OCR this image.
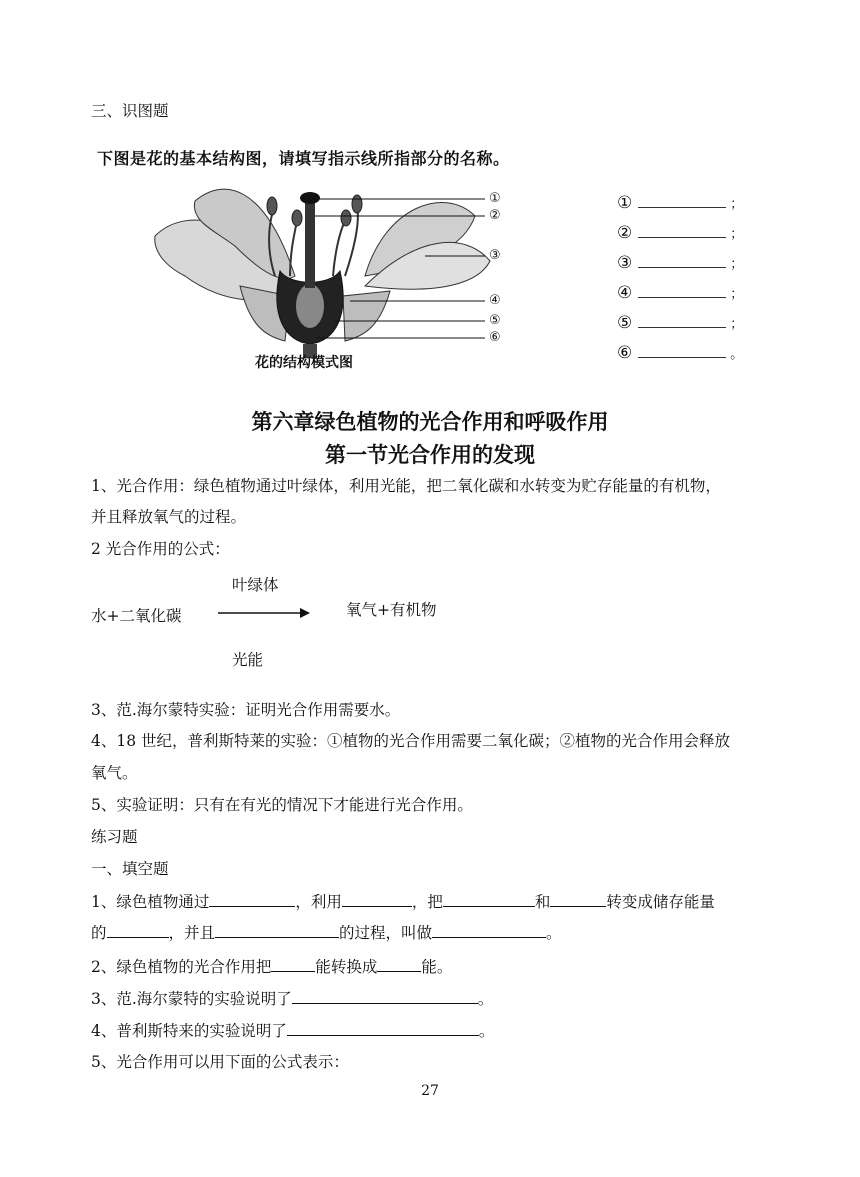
三、识图题
下图是花的基本结构图，请填写指示线所指部分的名称。
①
②
③
④
⑤
⑥
花的结构模式图
①	；
②	；
③	；
④	；
⑤	；
⑥	。
第六章绿色植物的光合作用和呼吸作用
第一节光合作用的发现
1、光合作用：绿色植物通过叶绿体，利用光能，把二氧化碳和水转变为贮存能量的有机物，
并且释放氧气的过程。
2 光合作用的公式：
叶绿体
水+二氧化碳	氧气+有机物
光能
3、范.海尔蒙特实验：证明光合作用需要水。
4、18 世纪，普利斯特莱的实验：①植物的光合作用需要二氧化碳；②植物的光合作用会释放
氧气。
5、实验证明：只有在有光的情况下才能进行光合作用。
练习题
一、填空题
1、绿色植物通过	，利用	，把	和	转变成储存能量
的	，并且	的过程，叫做	。
2、绿色植物的光合作用把	能转换成	能。
3、范.海尔蒙特的实验说明了	。
4、普利斯特来的实验说明了	。
5、光合作用可以用下面的公式表示：
27
